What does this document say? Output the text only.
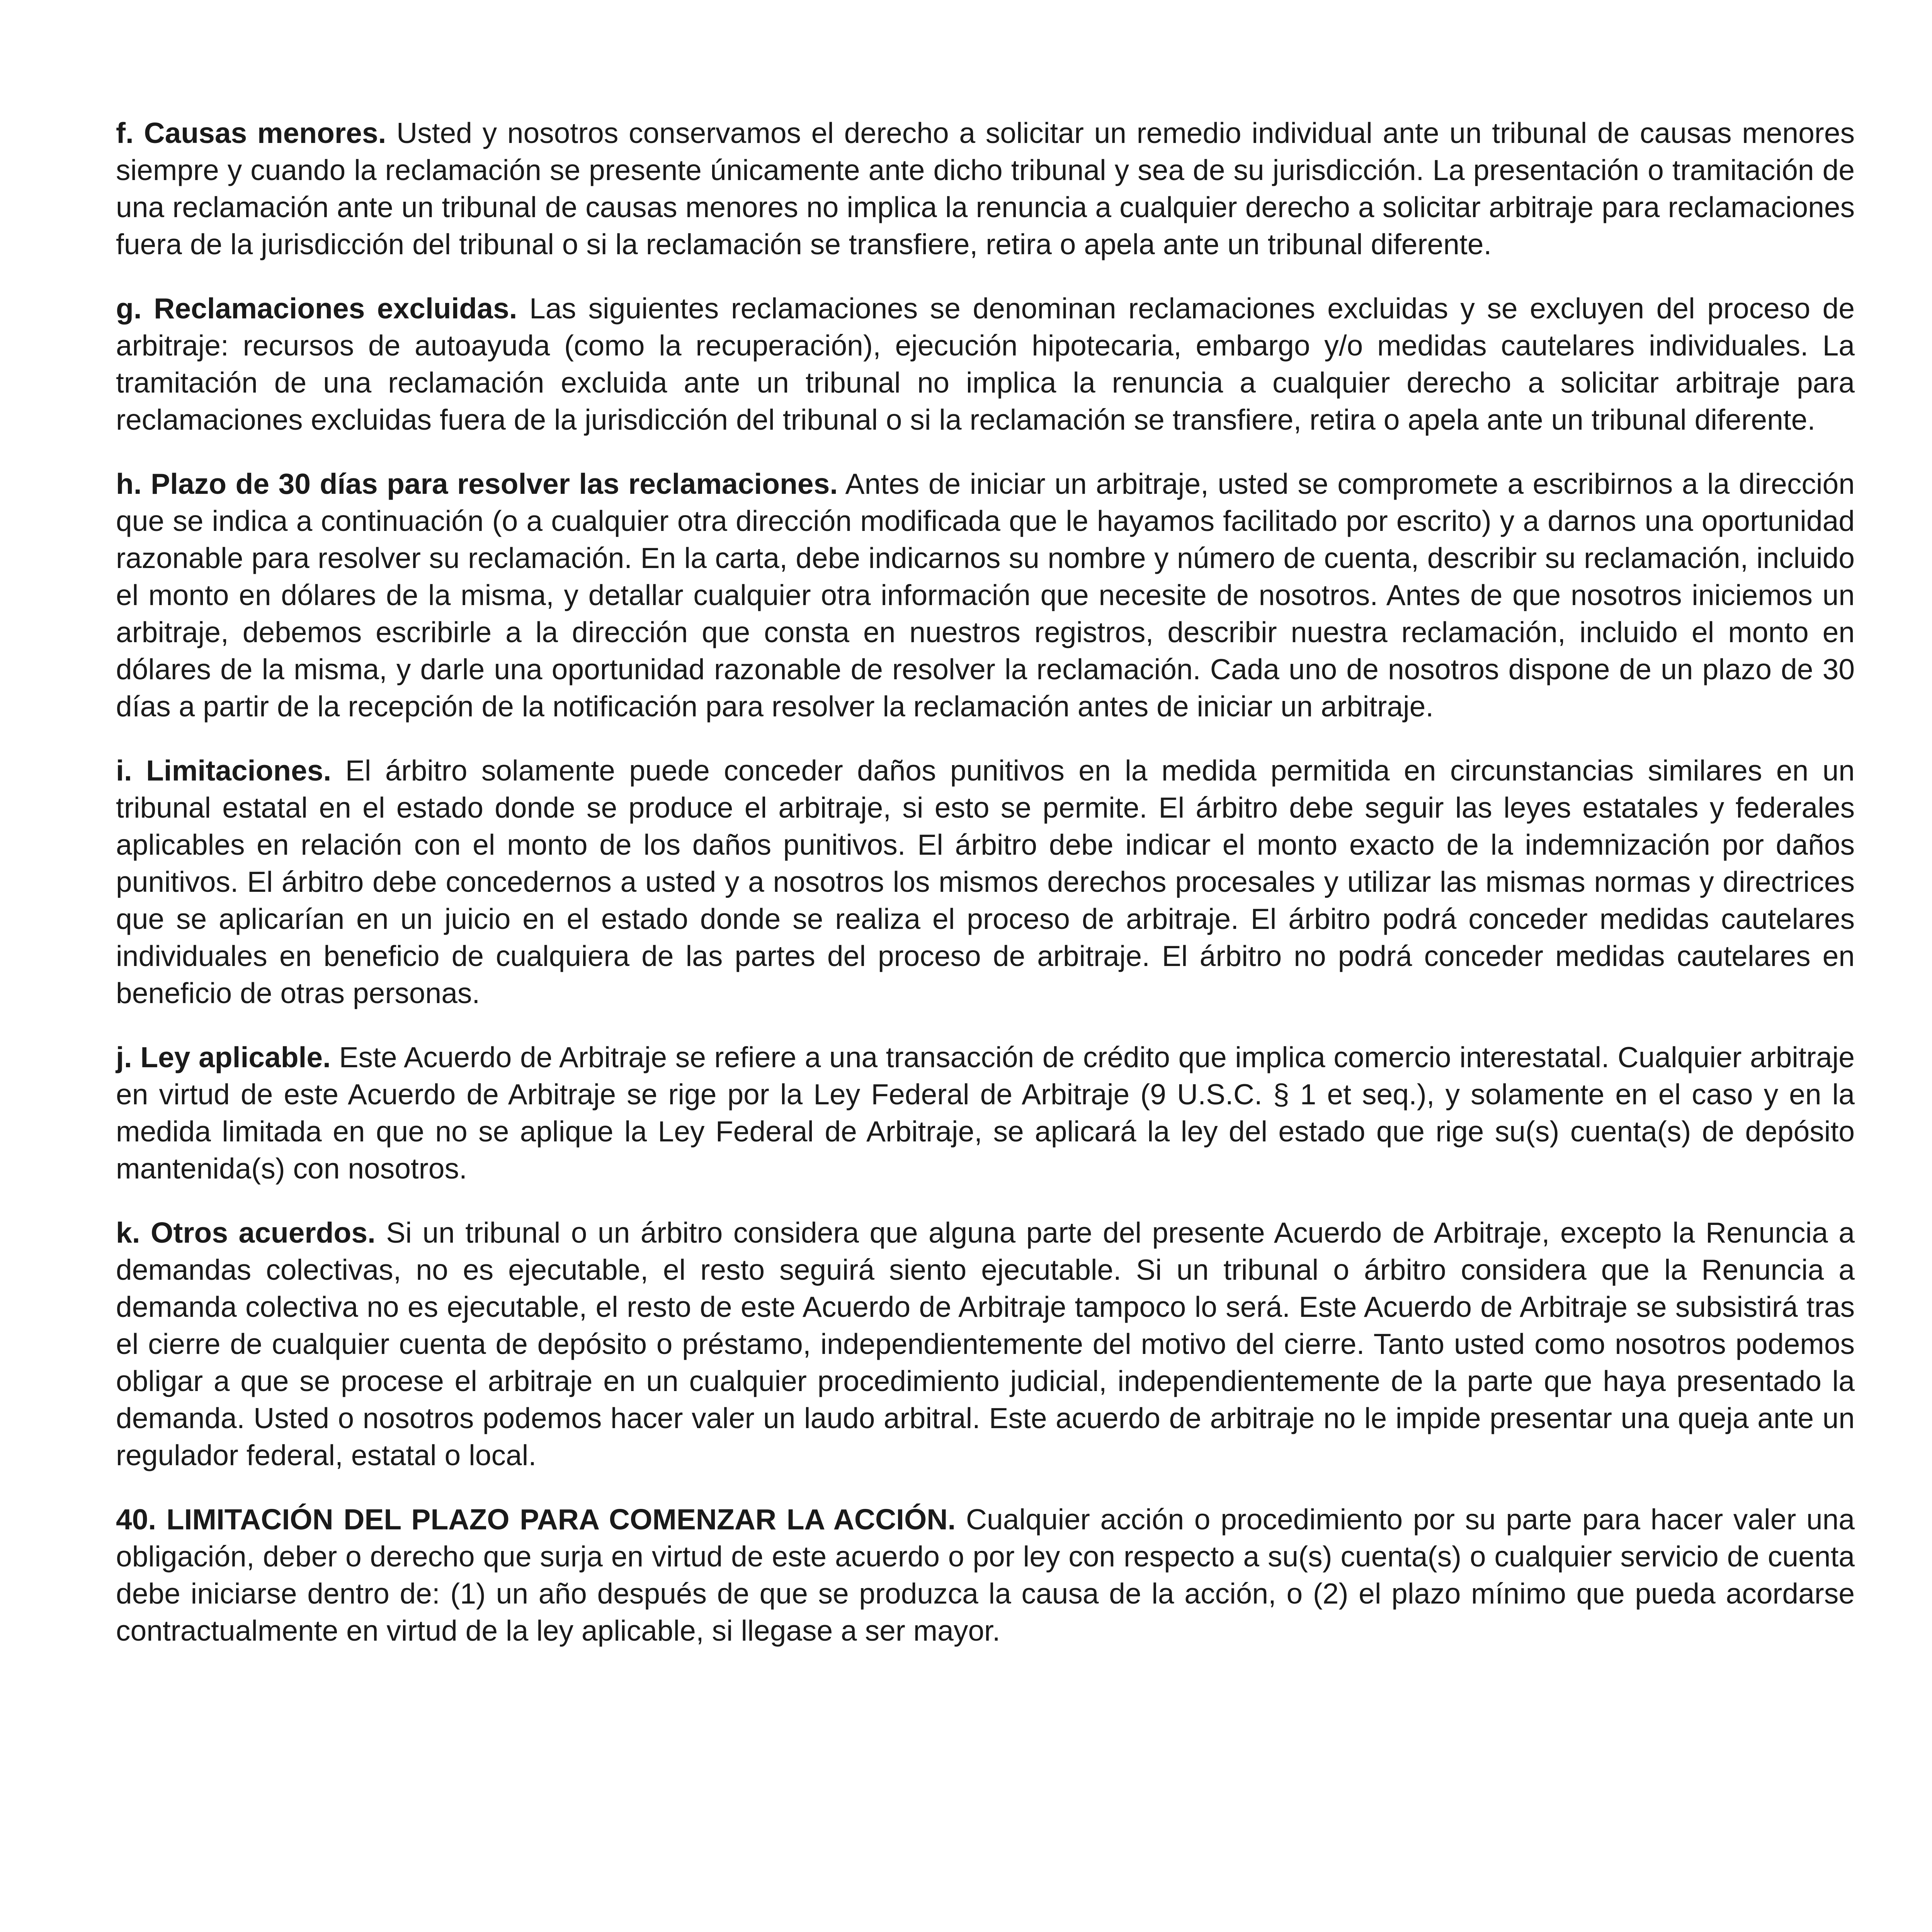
f. Causas menores. Usted y nosotros conservamos el derecho a solicitar un remedio individual ante un tribunal de causas menores siempre y cuando la reclamación se presente únicamente ante dicho tribunal y sea de su jurisdicción. La presentación o tramitación de una reclamación ante un tribunal de causas menores no implica la renuncia a cualquier derecho a solicitar arbitraje para reclamaciones fuera de la jurisdicción del tribunal o si la reclamación se transfiere, retira o apela ante un tribunal diferente.

g. Reclamaciones excluidas. Las siguientes reclamaciones se denominan reclamaciones excluidas y se excluyen del proceso de arbitraje: recursos de autoayuda (como la recuperación), ejecución hipotecaria, embargo y/o medidas cautelares individuales. La tramitación de una reclamación excluida ante un tribunal no implica la renuncia a cualquier derecho a solicitar arbitraje para reclamaciones excluidas fuera de la jurisdicción del tribunal o si la reclamación se transfiere, retira o apela ante un tribunal diferente.

h. Plazo de 30 días para resolver las reclamaciones. Antes de iniciar un arbitraje, usted se compromete a escribirnos a la dirección que se indica a continuación (o a cualquier otra dirección modificada que le hayamos facilitado por escrito) y a darnos una oportunidad razonable para resolver su reclamación. En la carta, debe indicarnos su nombre y número de cuenta, describir su reclamación, incluido el monto en dólares de la misma, y detallar cualquier otra información que necesite de nosotros. Antes de que nosotros iniciemos un arbitraje, debemos escribirle a la dirección que consta en nuestros registros, describir nuestra reclamación, incluido el monto en dólares de la misma, y darle una oportunidad razonable de resolver la reclamación. Cada uno de nosotros dispone de un plazo de 30 días a partir de la recepción de la notificación para resolver la reclamación antes de iniciar un arbitraje.

i. Limitaciones. El árbitro solamente puede conceder daños punitivos en la medida permitida en circunstancias similares en un tribunal estatal en el estado donde se produce el arbitraje, si esto se permite. El árbitro debe seguir las leyes estatales y federales aplicables en relación con el monto de los daños punitivos. El árbitro debe indicar el monto exacto de la indemnización por daños punitivos. El árbitro debe concedernos a usted y a nosotros los mismos derechos procesales y utilizar las mismas normas y directrices que se aplicarían en un juicio en el estado donde se realiza el proceso de arbitraje. El árbitro podrá conceder medidas cautelares individuales en beneficio de cualquiera de las partes del proceso de arbitraje. El árbitro no podrá conceder medidas cautelares en beneficio de otras personas.

j. Ley aplicable. Este Acuerdo de Arbitraje se refiere a una transacción de crédito que implica comercio interestatal. Cualquier arbitraje en virtud de este Acuerdo de Arbitraje se rige por la Ley Federal de Arbitraje (9 U.S.C. § 1 et seq.), y solamente en el caso y en la medida limitada en que no se aplique la Ley Federal de Arbitraje, se aplicará la ley del estado que rige su(s) cuenta(s) de depósito mantenida(s) con nosotros.

k. Otros acuerdos. Si un tribunal o un árbitro considera que alguna parte del presente Acuerdo de Arbitraje, excepto la Renuncia a demandas colectivas, no es ejecutable, el resto seguirá siento ejecutable. Si un tribunal o árbitro considera que la Renuncia a demanda colectiva no es ejecutable, el resto de este Acuerdo de Arbitraje tampoco lo será. Este Acuerdo de Arbitraje se subsistirá tras el cierre de cualquier cuenta de depósito o préstamo, independientemente del motivo del cierre. Tanto usted como nosotros podemos obligar a que se procese el arbitraje en un cualquier procedimiento judicial, independientemente de la parte que haya presentado la demanda. Usted o nosotros podemos hacer valer un laudo arbitral. Este acuerdo de arbitraje no le impide presentar una queja ante un regulador federal, estatal o local.

40. LIMITACIÓN DEL PLAZO PARA COMENZAR LA ACCIÓN. Cualquier acción o procedimiento por su parte para hacer valer una obligación, deber o derecho que surja en virtud de este acuerdo o por ley con respecto a su(s) cuenta(s) o cualquier servicio de cuenta debe iniciarse dentro de: (1) un año después de que se produzca la causa de la acción, o (2) el plazo mínimo que pueda acordarse contractualmente en virtud de la ley aplicable, si llegase a ser mayor.
